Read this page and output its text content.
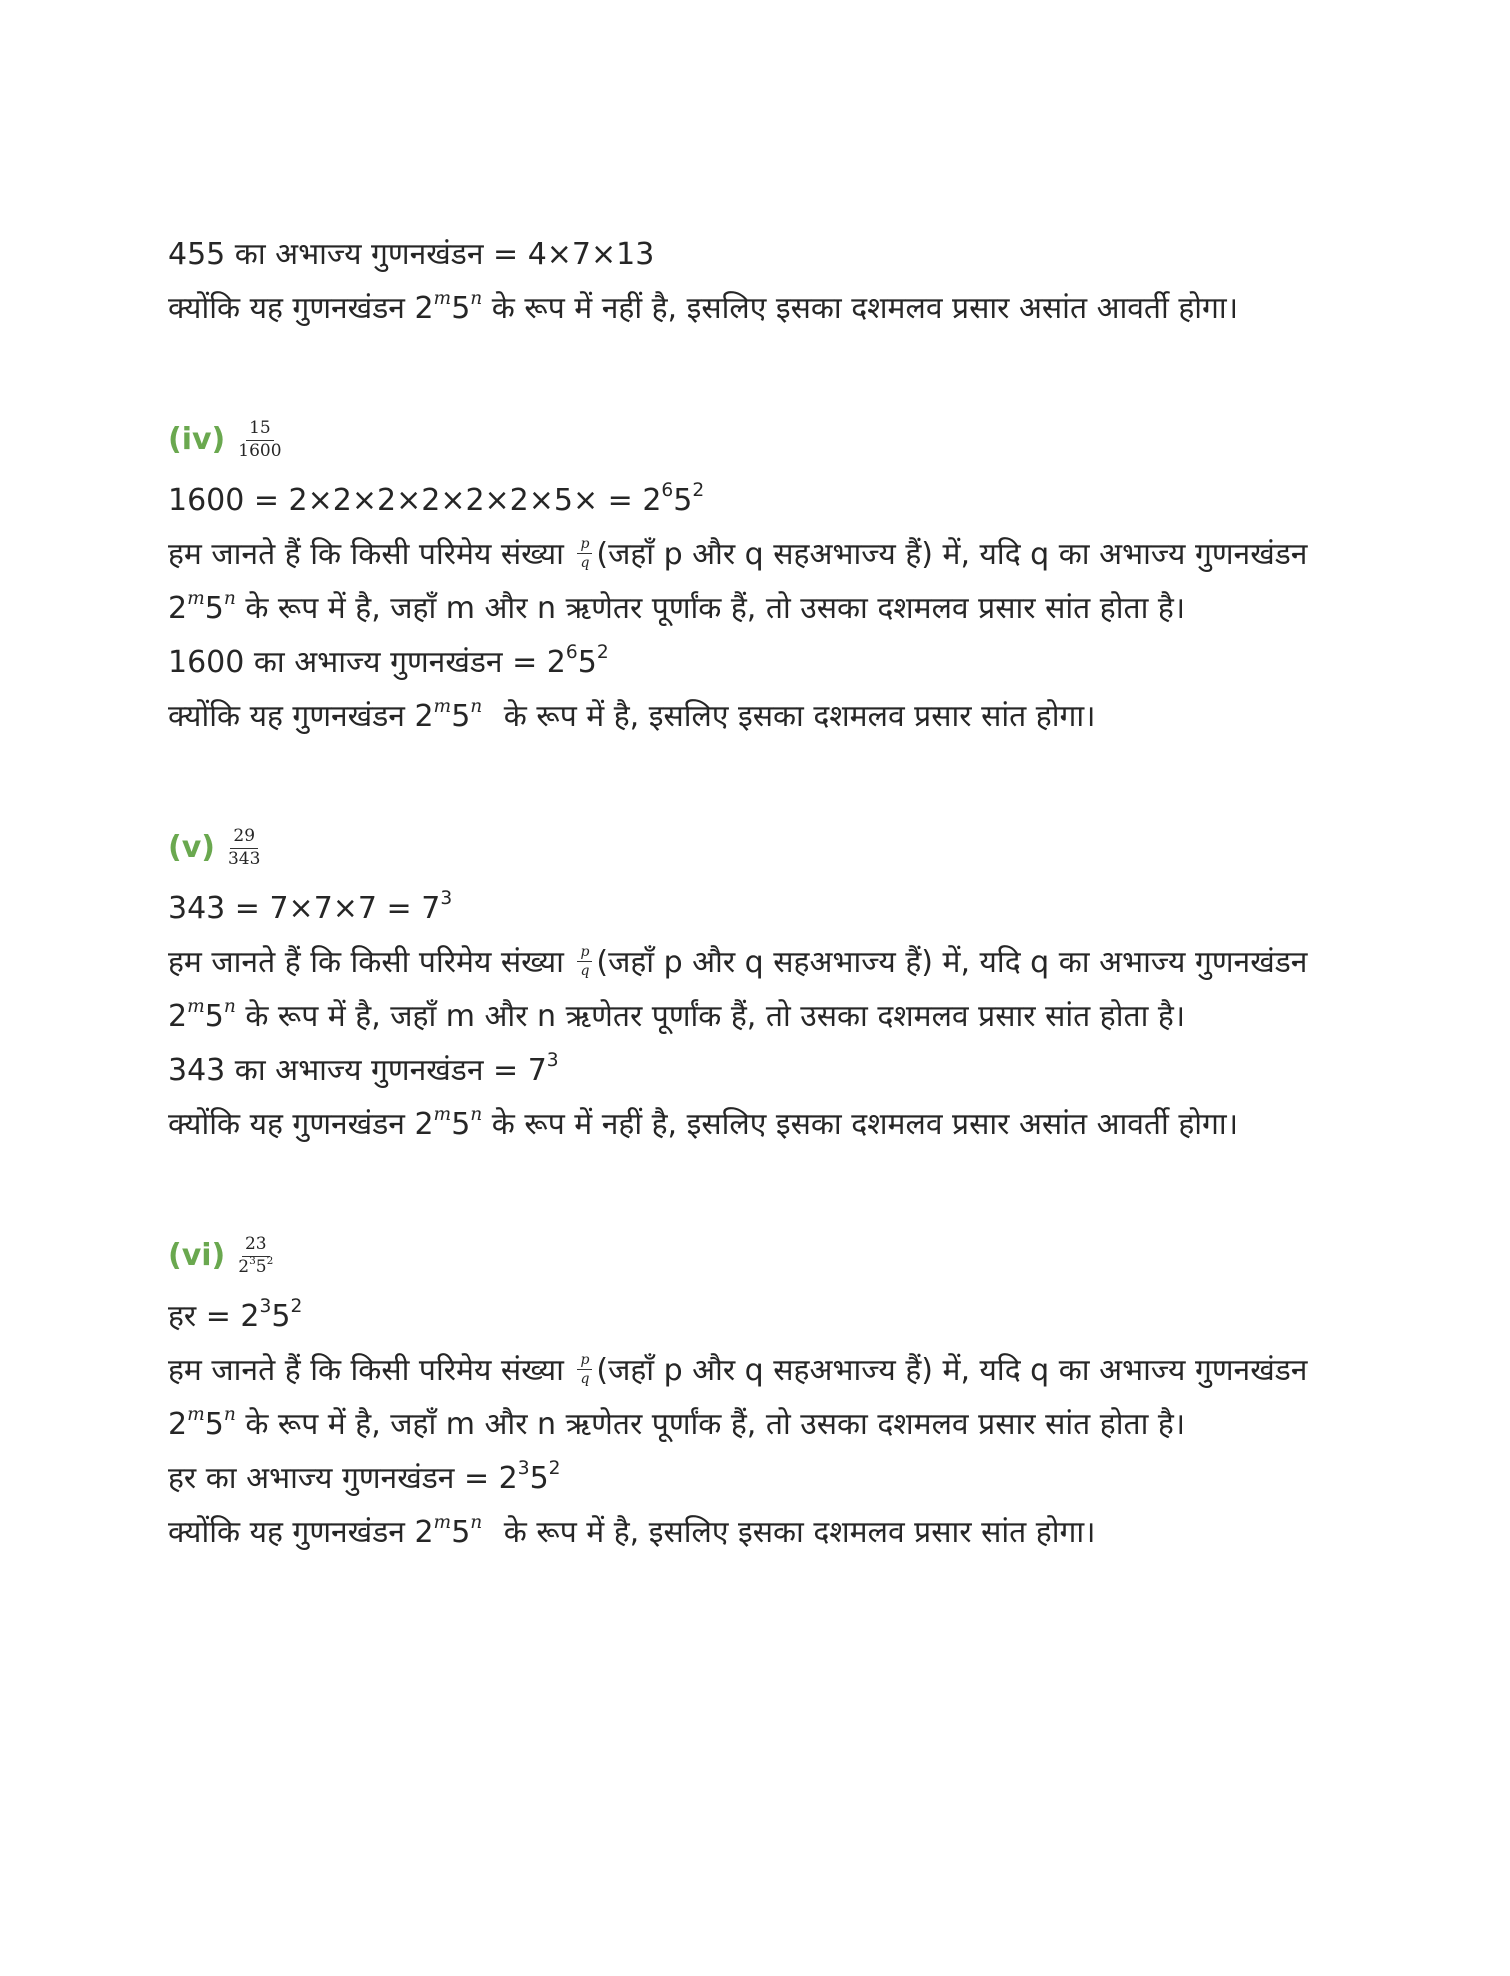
455 का अभाज्य गुणनखंडन = 4×7×13
क्योंकि यह गुणनखंडन 2$^m$5$^n$ के रूप में नहीं है, इसलिए इसका दशमलव प्रसार असांत आवर्ती होगा।
$(iv) \frac{15}{1600}$
$1600 = 2\times 2\times 2\times 2\times 2\times 2\times 5\times = 2^65^2$
हम जानते हैं कि किसी परिमेय संख्या $\frac{p}{q}$ (जहाँ p और q सहअभाज्य हैं) में, यदि q का अभाज्य गुणनखंडन 2$^m$5$^n$ के रूप में है, जहाँ m और n ऋणेतर पूर्णांक हैं, तो उसका दशमलव प्रसार सांत होता है।
1600 का अभाज्य गुणनखंडन = $2^65^2$
क्योंकि यह गुणनखंडन 2$^m$5$^n$ के रूप में है, इसलिए इसका दशमलव प्रसार सांत होगा।
$(v) \frac{29}{343}$
$343 = 7\times 7\times 7 = 7^3$
हम जानते हैं कि किसी परिमेय संख्या $\frac{p}{q}$ (जहाँ p और q सहअभाज्य हैं) में, यदि q का अभाज्य गुणनखंडन 2$^m$5$^n$ के रूप में है, जहाँ m और n ऋणेतर पूर्णांक हैं, तो उसका दशमलव प्रसार सांत होता है।
343 का अभाज्य गुणनखंडन = $7^3$
क्योंकि यह गुणनखंडन 2$^m$5$^n$ के रूप में नहीं है, इसलिए इसका दशमलव प्रसार असांत आवर्ती होगा।
$(vi) \frac{23}{2^35^2}$
हर = $2^35^2$
हम जानते हैं कि किसी परिमेय संख्या $\frac{p}{q}$ (जहाँ p और q सहअभाज्य हैं) में, यदि q का अभाज्य गुणनखंडन 2$^m$5$^n$ के रूप में है, जहाँ m और n ऋणेतर पूर्णांक हैं, तो उसका दशमलव प्रसार सांत होता है।
हर का अभाज्य गुणनखंडन = $2^35^2$
क्योंकि यह गुणनखंडन 2$^m$5$^n$ के रूप में है, इसलिए इसका दशमलव प्रसार सांत होगा।
